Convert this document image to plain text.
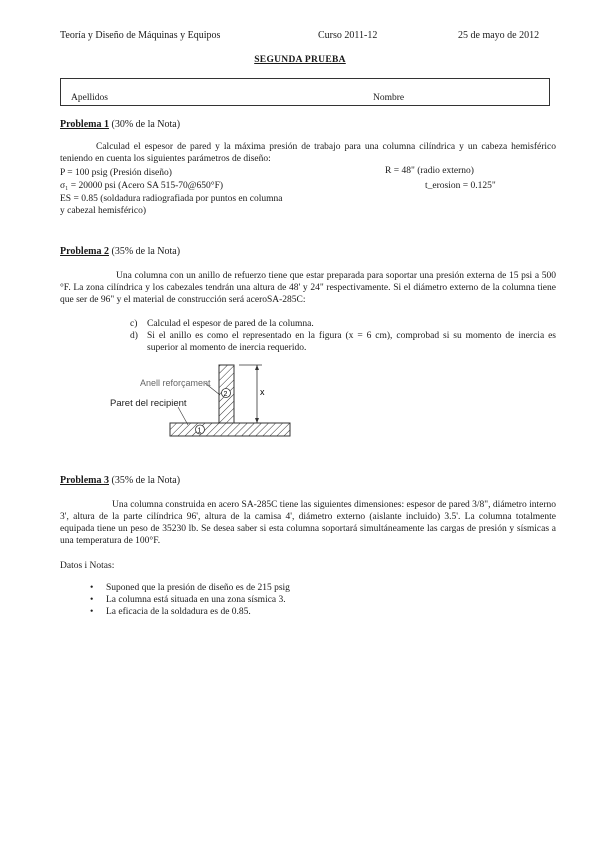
Teoría y Diseño de Máquinas y Equipos	Curso 2011-12	25 de mayo de 2012
SEGUNDA PRUEBA
Apellidos	Nombre
Problema 1 (30% de la Nota)
Calculad el espesor de pared y la máxima presión de trabajo para una columna cilíndrica y un cabeza hemisférico teniendo en cuenta los siguientes parámetros de diseño:
P = 100 psig (Presión diseño)
σ₁ = 20000 psi (Acero SA 515-70@650°F)
ES = 0.85 (soldadura radiografiada por puntos en columna
y cabezal hemisférico)
R = 48" (radio externo)
t_erosion = 0.125"
Problema 2 (35% de la Nota)
Una columna con un anillo de refuerzo tiene que estar preparada para soportar una presión externa de 15 psi a 500 °F. La zona cilíndrica y los cabezales tendrán una altura de 48' y 24" respectivamente. Si el diámetro externo de la columna tiene que ser de 96" y el material de construcción será aceroSA-285C:
c) Calculad el espesor de pared de la columna.
d) Si el anillo es como el representado en la figura (x = 6 cm), comprobad si su momento de inercia es superior al momento de inercia requerido.
x
2
1
Anell reforçament
Paret del recipient
Problema 3 (35% de la Nota)
Una columna construida en acero SA-285C tiene las siguientes dimensiones: espesor de pared 3/8", diámetro interno 3', altura de la parte cilíndrica 96', altura de la camisa 4', diámetro externo (aislante incluido) 3.5'. La columna totalmente equipada tiene un peso de 35230 lb. Se desea saber si esta columna soportará simultáneamente las cargas de presión y sísmicas a una temperatura de 100°F.
Datos i Notas:
• Suponed que la presión de diseño es de 215 psig
• La columna está situada en una zona sísmica 3.
• La eficacia de la soldadura es de 0.85.
